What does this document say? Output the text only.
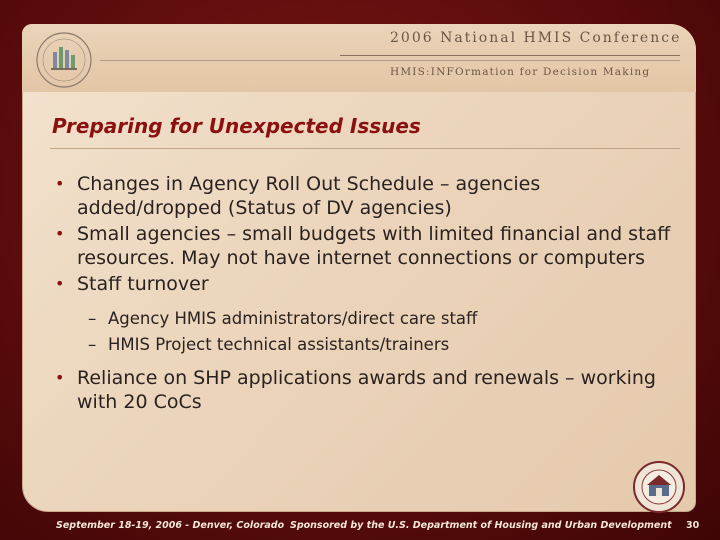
2006 National HMIS Conference
HMIS:INFOrmation for Decision Making
Preparing for Unexpected Issues
• Changes in Agency Roll Out Schedule – agencies added/dropped (Status of DV agencies)
• Small agencies – small budgets with limited financial and staff resources. May not have internet connections or computers
• Staff turnover
– Agency HMIS administrators/direct care staff
– HMIS Project technical assistants/trainers
• Reliance on SHP applications awards and renewals – working with 20 CoCs
September 18-19, 2006 - Denver, Colorado Sponsored by the U.S. Department of Housing and Urban Development 30
